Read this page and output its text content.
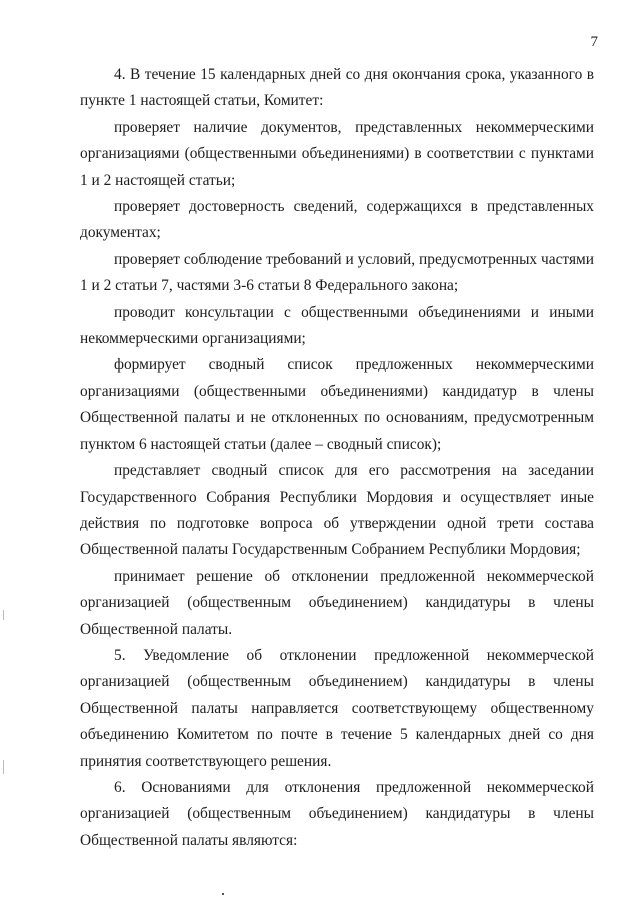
7

4. В течение 15 календарных дней со дня окончания срока, указанного в пункте 1 настоящей статьи, Комитет:

проверяет наличие документов, представленных некоммерческими организациями (общественными объединениями) в соответствии с пунктами 1 и 2 настоящей статьи;

проверяет достоверность сведений, содержащихся в представленных документах;

проверяет соблюдение требований и условий, предусмотренных частями 1 и 2 статьи 7, частями 3-6 статьи 8 Федерального закона;

проводит консультации с общественными объединениями и иными некоммерческими организациями;

формирует сводный список предложенных некоммерческими организациями (общественными объединениями) кандидатур в члены Общественной палаты и не отклоненных по основаниям, предусмотренным пунктом 6 настоящей статьи (далее – сводный список);

представляет сводный список для его рассмотрения на заседании Государственного Собрания Республики Мордовия и осуществляет иные действия по подготовке вопроса об утверждении одной трети состава Общественной палаты Государственным Собранием Республики Мордовия;

принимает решение об отклонении предложенной некоммерческой организацией (общественным объединением) кандидатуры в члены Общественной палаты.

5. Уведомление об отклонении предложенной некоммерческой организацией (общественным объединением) кандидатуры в члены Общественной палаты направляется соответствующему общественному объединению Комитетом по почте в течение 5 календарных дней со дня принятия соответствующего решения.

6. Основаниями для отклонения предложенной некоммерческой организацией (общественным объединением) кандидатуры в члены Общественной палаты являются:
